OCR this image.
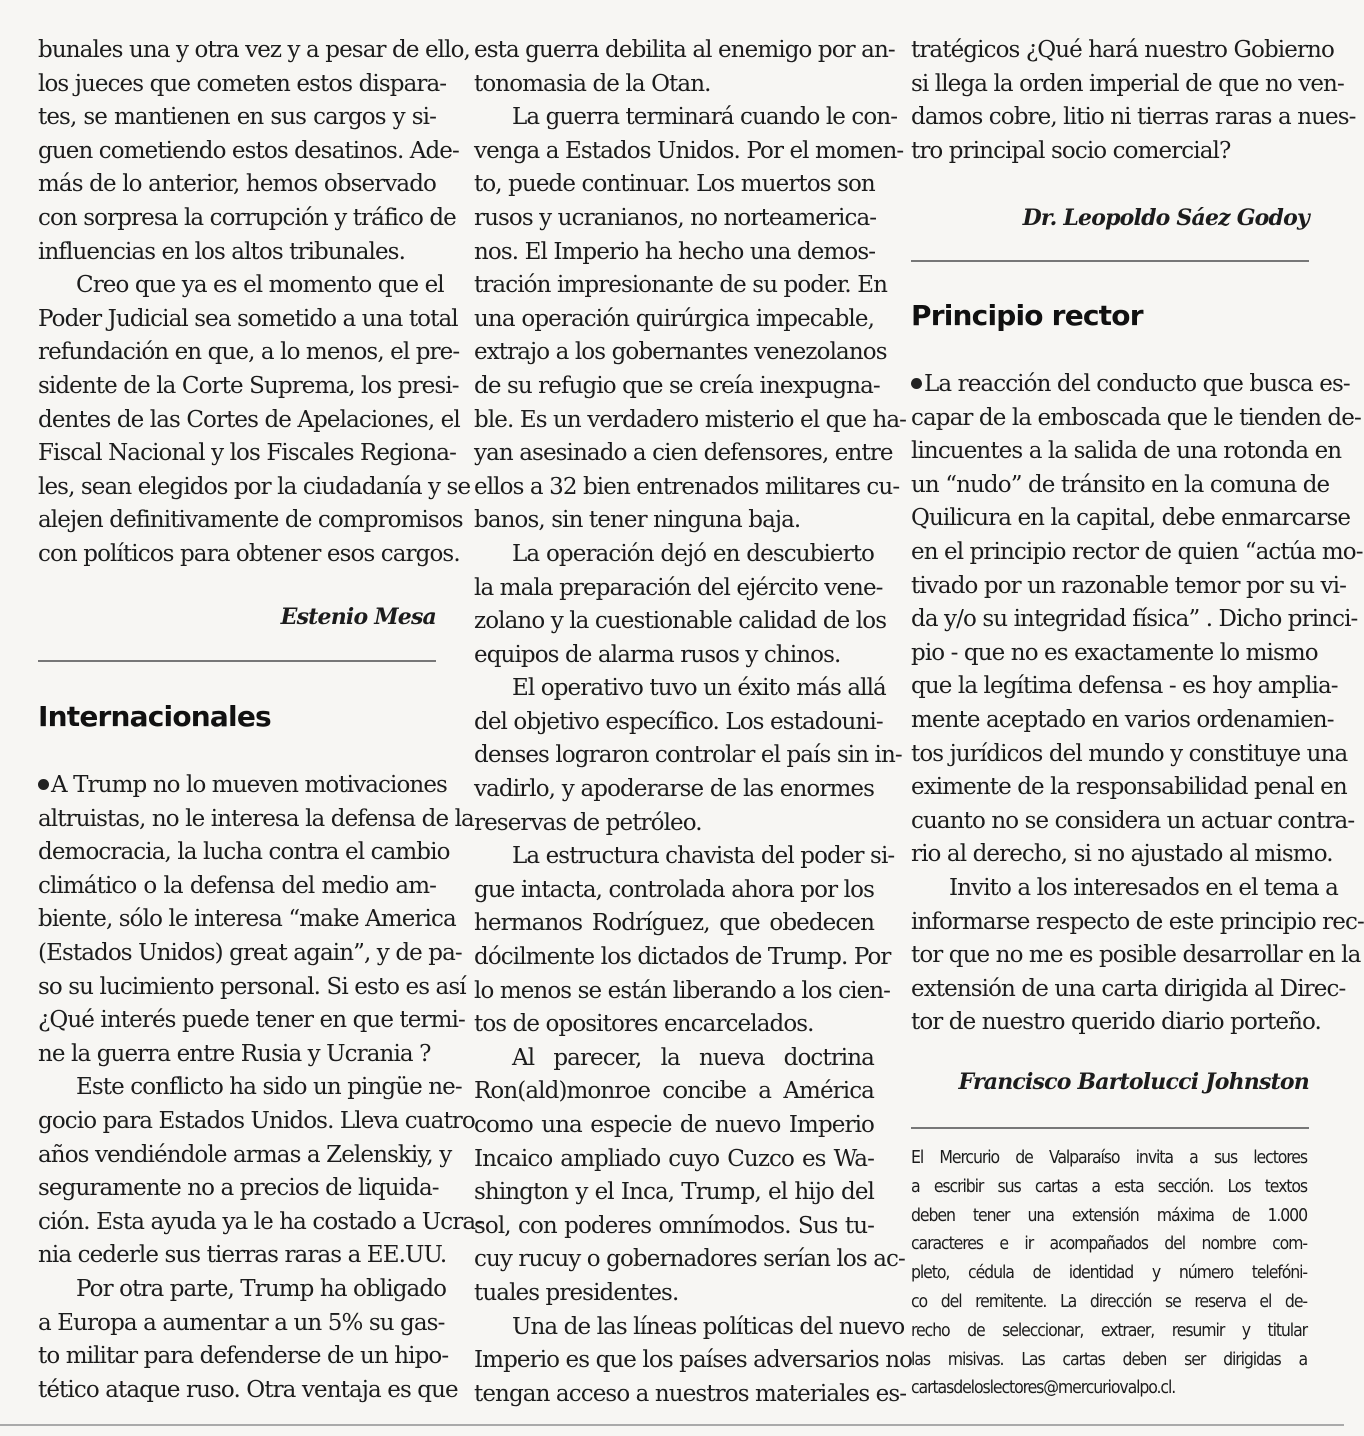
bunales una y otra vez y a pesar de ello,
los jueces que cometen estos dispara-
tes, se mantienen en sus cargos y si-
guen cometiendo estos desatinos. Ade-
más de lo anterior, hemos observado
con sorpresa la corrupción y tráfico de
influencias en los altos tribunales.
Creo que ya es el momento que el
Poder Judicial sea sometido a una total
refundación en que, a lo menos, el pre-
sidente de la Corte Suprema, los presi-
dentes de las Cortes de Apelaciones, el
Fiscal Nacional y los Fiscales Regiona-
les, sean elegidos por la ciudadanía y se
alejen definitivamente de compromisos
con políticos para obtener esos cargos.
Estenio Mesa
Internacionales
A Trump no lo mueven motivaciones
altruistas, no le interesa la defensa de la
democracia, la lucha contra el cambio
climático o la defensa del medio am-
biente, sólo le interesa “make America
(Estados Unidos) great again”, y de pa-
so su lucimiento personal. Si esto es así
¿Qué interés puede tener en que termi-
ne la guerra entre Rusia y Ucrania ?
Este conflicto ha sido un pingüe ne-
gocio para Estados Unidos. Lleva cuatro
años vendiéndole armas a Zelenskiy, y
seguramente no a precios de liquida-
ción. Esta ayuda ya le ha costado a Ucra-
nia cederle sus tierras raras a EE.UU.
Por otra parte, Trump ha obligado
a Europa a aumentar a un 5% su gas-
to militar para defenderse de un hipo-
tético ataque ruso. Otra ventaja es que
esta guerra debilita al enemigo por an-
tonomasia de la Otan.
La guerra terminará cuando le con-
venga a Estados Unidos. Por el momen-
to, puede continuar. Los muertos son
rusos y ucranianos, no norteamerica-
nos. El Imperio ha hecho una demos-
tración impresionante de su poder. En
una operación quirúrgica impecable,
extrajo a los gobernantes venezolanos
de su refugio que se creía inexpugna-
ble. Es un verdadero misterio el que ha-
yan asesinado a cien defensores, entre
ellos a 32 bien entrenados militares cu-
banos, sin tener ninguna baja.
La operación dejó en descubierto
la mala preparación del ejército vene-
zolano y la cuestionable calidad de los
equipos de alarma rusos y chinos.
El operativo tuvo un éxito más allá
del objetivo específico. Los estadouni-
denses lograron controlar el país sin in-
vadirlo, y apoderarse de las enormes
reservas de petróleo.
La estructura chavista del poder si-
gue intacta, controlada ahora por los
hermanos Rodríguez, que obedecen
dócilmente los dictados de Trump. Por
lo menos se están liberando a los cien-
tos de opositores encarcelados.
Al parecer, la nueva doctrina
Ron(ald)monroe concibe a América
como una especie de nuevo Imperio
Incaico ampliado cuyo Cuzco es Wa-
shington y el Inca, Trump, el hijo del
sol, con poderes omnímodos. Sus tu-
cuy rucuy o gobernadores serían los ac-
tuales presidentes.
Una de las líneas políticas del nuevo
Imperio es que los países adversarios no
tengan acceso a nuestros materiales es-
tratégicos ¿Qué hará nuestro Gobierno
si llega la orden imperial de que no ven-
damos cobre, litio ni tierras raras a nues-
tro principal socio comercial?
Dr. Leopoldo Sáez Godoy
Principio rector
La reacción del conducto que busca es-
capar de la emboscada que le tienden de-
lincuentes a la salida de una rotonda en
un “nudo” de tránsito en la comuna de
Quilicura en la capital, debe enmarcarse
en el principio rector de quien “actúa mo-
tivado por un razonable temor por su vi-
da y/o su integridad física” . Dicho princi-
pio - que no es exactamente lo mismo
que la legítima defensa - es hoy amplia-
mente aceptado en varios ordenamien-
tos jurídicos del mundo y constituye una
eximente de la responsabilidad penal en
cuanto no se considera un actuar contra-
rio al derecho, si no ajustado al mismo.
Invito a los interesados en el tema a
informarse respecto de este principio rec-
tor que no me es posible desarrollar en la
extensión de una carta dirigida al Direc-
tor de nuestro querido diario porteño.
Francisco Bartolucci Johnston
El Mercurio de Valparaíso invita a sus lectores
a escribir sus cartas a esta sección. Los textos
deben tener una extensión máxima de 1.000
caracteres e ir acompañados del nombre com-
pleto, cédula de identidad y número telefóni-
co del remitente. La dirección se reserva el de-
recho de seleccionar, extraer, resumir y titular
las misivas. Las cartas deben ser dirigidas a
cartasdeloslectores@mercuriovalpo.cl.
